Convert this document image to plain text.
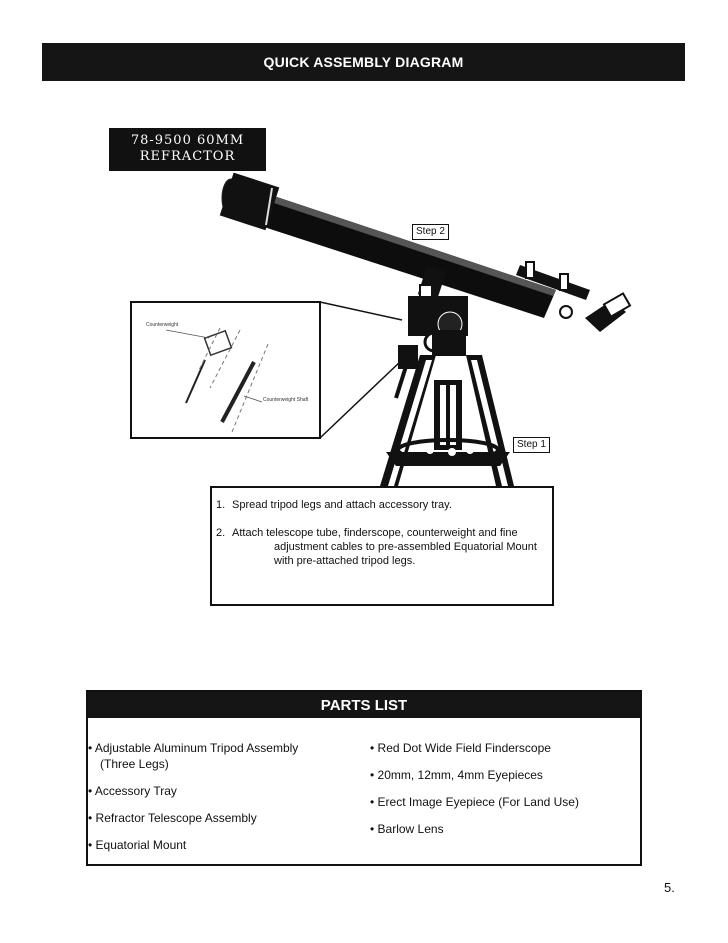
QUICK ASSEMBLY DIAGRAM
78-9500 60MM
REFRACTOR
Step 2
Step 1
Counterweight
Counterweight Shaft
1. Spread tripod legs and attach accessory tray.
2. Attach telescope tube, finderscope, counterweight and fine
adjustment cables to pre-assembled Equatorial Mount with pre-attached tripod legs.
PARTS LIST
• Adjustable Aluminum Tripod Assembly
(Three Legs)
• Accessory Tray
• Refractor Telescope Assembly
• Equatorial Mount
• Red Dot Wide Field Finderscope
• 20mm, 12mm, 4mm Eyepieces
• Erect Image Eyepiece (For Land Use)
• Barlow Lens
5.
